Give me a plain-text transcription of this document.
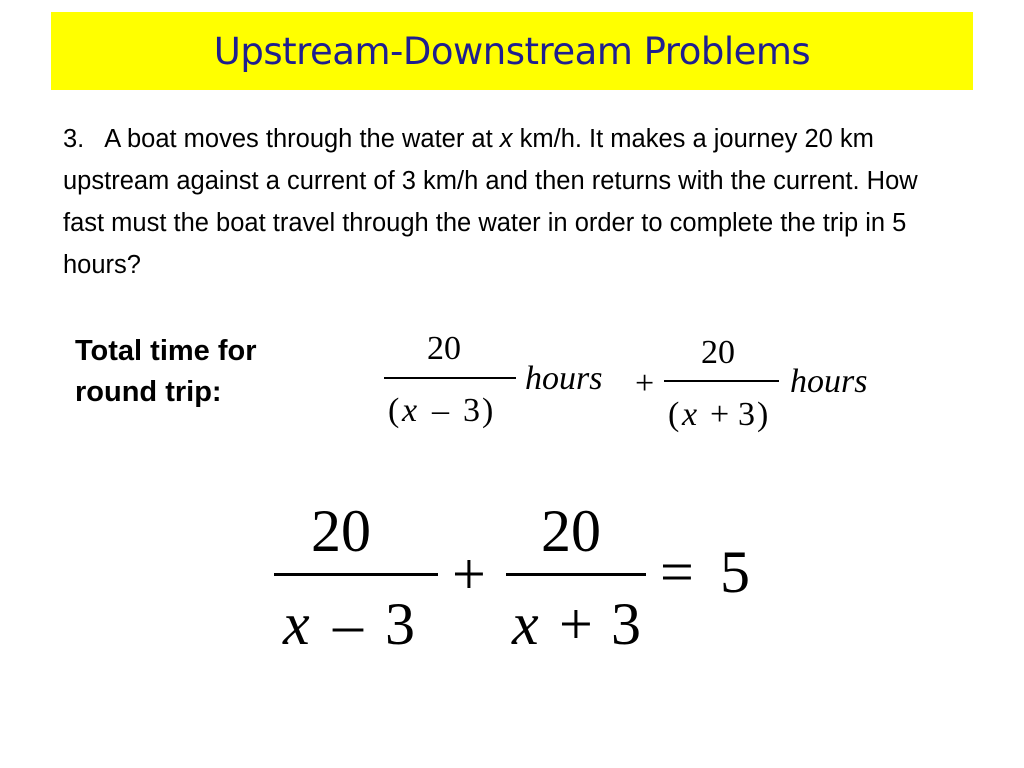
Upstream-Downstream Problems
3. A boat moves through the water at x km/h. It makes a journey 20 km upstream against a current of 3 km/h and then returns with the current. How fast must the boat travel through the water in order to complete the trip in 5 hours?
Total time for
round trip:
20
( x – 3 )
hours +
20
( x + 3 )
hours
20
x – 3
+
20
x + 3
= 5
